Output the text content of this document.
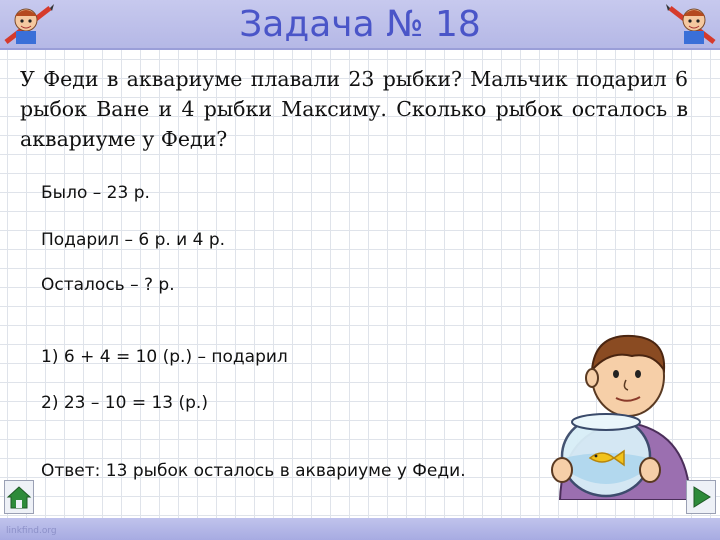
Задача № 18
У Феди в аквариуме плавали 23 рыбки? Мальчик подарил 6 рыбок Ване и 4 рыбки Максиму. Сколько рыбок осталось в аквариуме у Феди?
Было – 23 р.
Подарил – 6 р. и 4 р.
Осталось – ? р.
1) 6 + 4 = 10 (р.) – подарил
2) 23 – 10 = 13 (р.)
Ответ: 13 рыбок осталось в аквариуме у Феди.
linkfind.org
